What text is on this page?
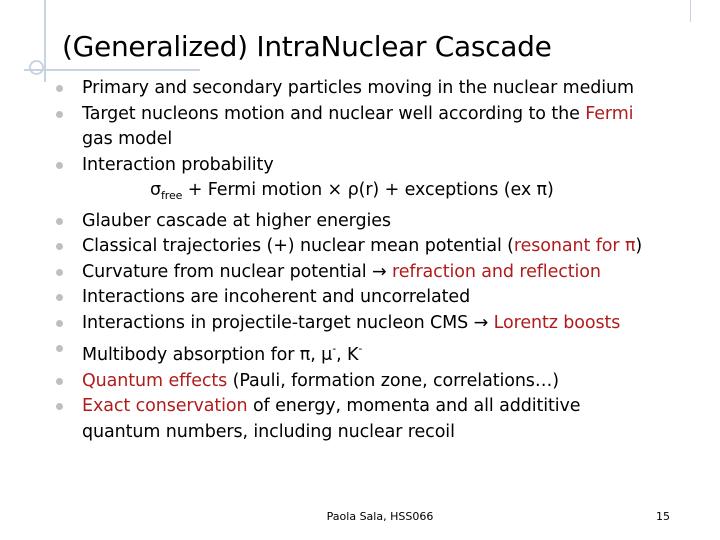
(Generalized) IntraNuclear Cascade
Primary and secondary particles moving in the nuclear medium
Target nucleons motion and nuclear well according to the Fermi
gas model
Interaction probability
$\sigma_{free}$ + Fermi motion × ρ(r) + exceptions (ex π)
Glauber cascade at higher energies
Classical trajectories (+) nuclear mean potential (resonant for π)
Curvature from nuclear potential → refraction and reflection
Interactions are incoherent and uncorrelated
Interactions in projectile-target nucleon CMS → Lorentz boosts
Multibody absorption for π, μ-, K-
Quantum effects (Pauli, formation zone, correlations…)
Exact conservation of energy, momenta and all addititive
quantum numbers, including nuclear recoil
Paola Sala, HSS066	15
